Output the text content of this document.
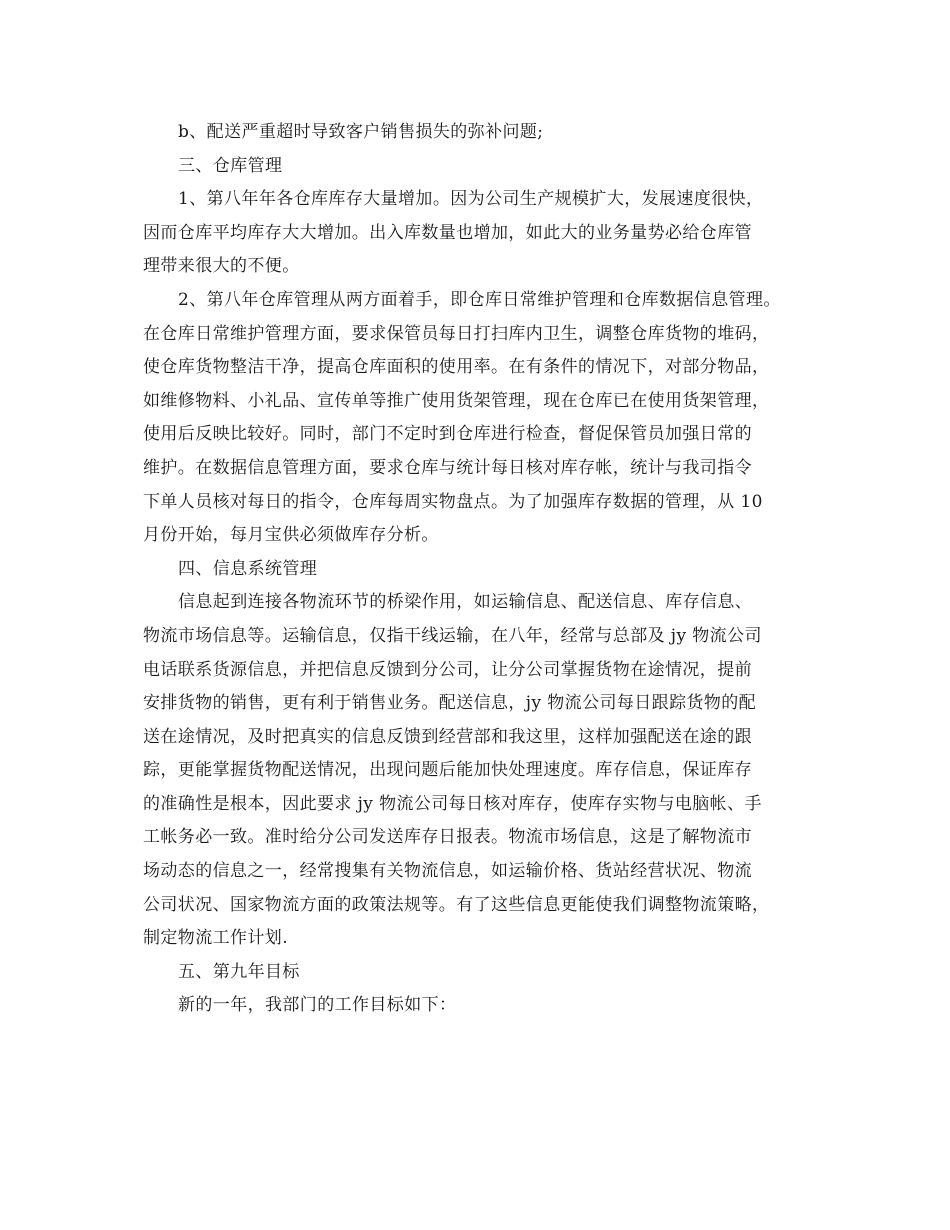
b、配送严重超时导致客户销售损失的弥补问题;
三、仓库管理
1、第八年年各仓库库存大量增加。因为公司生产规模扩大，发展速度很快，
因而仓库平均库存大大增加。出入库数量也增加，如此大的业务量势必给仓库管
理带来很大的不便。
2、第八年仓库管理从两方面着手，即仓库日常维护管理和仓库数据信息管理。
在仓库日常维护管理方面，要求保管员每日打扫库内卫生，调整仓库货物的堆码，
使仓库货物整洁干净，提高仓库面积的使用率。在有条件的情况下，对部分物品，
如维修物料、小礼品、宣传单等推广使用货架管理，现在仓库已在使用货架管理，
使用后反映比较好。同时，部门不定时到仓库进行检查，督促保管员加强日常的
维护。在数据信息管理方面，要求仓库与统计每日核对库存帐，统计与我司指令
下单人员核对每日的指令，仓库每周实物盘点。为了加强库存数据的管理，从 10
月份开始，每月宝供必须做库存分析。
四、信息系统管理
信息起到连接各物流环节的桥梁作用，如运输信息、配送信息、库存信息、
物流市场信息等。运输信息，仅指干线运输，在八年，经常与总部及 jy 物流公司
电话联系货源信息，并把信息反馈到分公司，让分公司掌握货物在途情况，提前
安排货物的销售，更有利于销售业务。配送信息，jy 物流公司每日跟踪货物的配
送在途情况，及时把真实的信息反馈到经营部和我这里，这样加强配送在途的跟
踪，更能掌握货物配送情况，出现问题后能加快处理速度。库存信息，保证库存
的准确性是根本，因此要求 jy 物流公司每日核对库存，使库存实物与电脑帐、手
工帐务必一致。准时给分公司发送库存日报表。物流市场信息，这是了解物流市
场动态的信息之一，经常搜集有关物流信息，如运输价格、货站经营状况、物流
公司状况、国家物流方面的政策法规等。有了这些信息更能使我们调整物流策略，
制定物流工作计划.
五、第九年目标
新的一年，我部门的工作目标如下：
